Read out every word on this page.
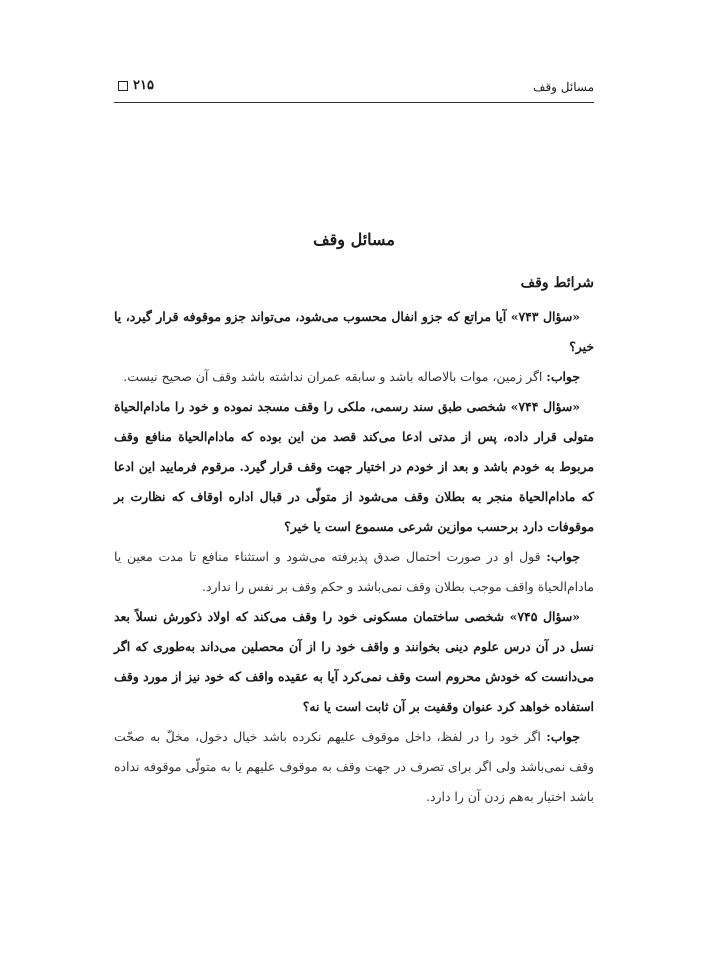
مسائل وقف
۲۱۵
مسائل وقف
شرائط وقف

«سؤال ۷۴۳» آیا مراتع که جزو انفال محسوب می‌شود، می‌تواند جزو موقوفه قرار گیرد، یا خیر؟

جواب: اگر زمین، موات بالاصاله باشد و سابقه عمران نداشته باشد وقف آن صحیح نیست.

«سؤال ۷۴۴» شخصی طبق سند رسمی، ملکی را وقف مسجد نموده و خود را مادام‌الحیاة متولی قرار داده، پس از مدتی ادعا می‌کند قصد من این بوده که مادام‌الحیاة منافع وقف مربوط به خودم باشد و بعد از خودم در اختیار جهت وقف قرار گیرد. مرقوم فرمایید این ادعا که مادام‌الحیاة منجر به بطلان وقف می‌شود از متولّی در قبال اداره اوقاف که نظارت بر موقوفات دارد برحسب موازین شرعی مسموع است یا خیر؟

جواب: قول او در صورت احتمال صدق پذیرفته می‌شود و استثناء منافع تا مدت معین یا مادام‌الحیاة واقف موجب بطلان وقف نمی‌باشد و حکم وقف بر نفس را ندارد.

«سؤال ۷۴۵» شخصی ساختمان مسکونی خود را وقف می‌کند که اولاد ذکورش نسلاً بعد نسل در آن درس علوم دینی بخوانند و واقف خود را از آن محصلین می‌داند به‌طوری که اگر می‌دانست که خودش محروم است وقف نمی‌کرد آیا به عقیده واقف که خود نیز از مورد وقف استفاده خواهد کرد عنوان وقفیت بر آن ثابت است یا نه؟

جواب: اگر خود را در لفظ، داخل موقوف علیهم نکرده باشد خیال دخول، مخلّ به صحّت وقف نمی‌باشد ولی اگر برای تصرف در جهت وقف به موقوف علیهم یا به متولّی موقوفه نداده باشد اختیار به‌هم زدن آن را دارد.
